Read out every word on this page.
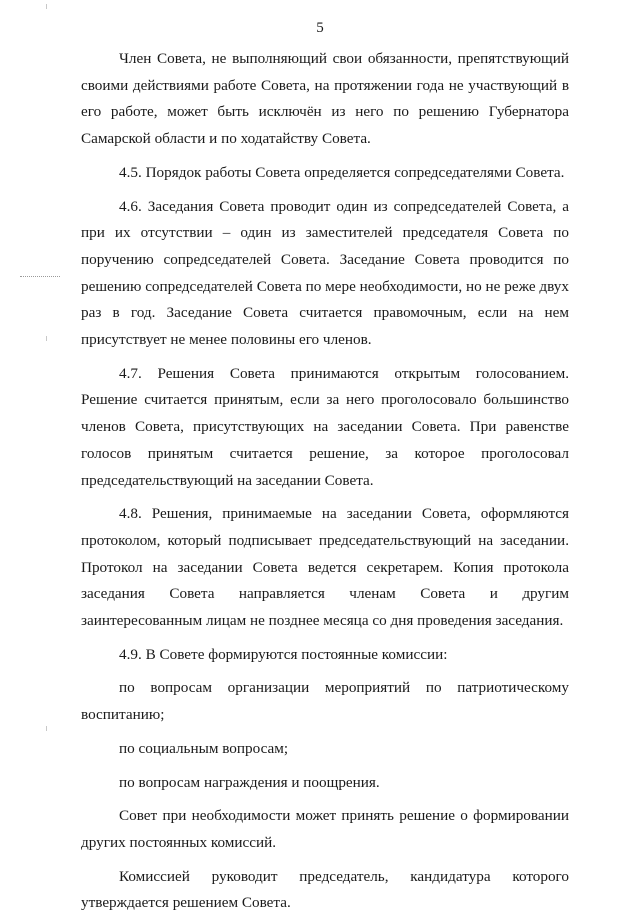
5

Член Совета, не выполняющий свои обязанности, препятствующий своими действиями работе Совета, на протяжении года не участвующий в его работе, может быть исключён из него по решению Губернатора Самарской области и по ходатайству Совета.

4.5. Порядок работы Совета определяется сопредседателями Совета.

4.6. Заседания Совета проводит один из сопредседателей Совета, а при их отсутствии – один из заместителей председателя Совета по поручению сопредседателей Совета. Заседание Совета проводится по решению сопредседателей Совета по мере необходимости, но не реже двух раз в год. Заседание Совета считается правомочным, если на нем присутствует не менее половины его членов.

4.7. Решения Совета принимаются открытым голосованием. Решение считается принятым, если за него проголосовало большинство членов Совета, присутствующих на заседании Совета. При равенстве голосов принятым считается решение, за которое проголосовал председательствующий на заседании Совета.

4.8. Решения, принимаемые на заседании Совета, оформляются протоколом, который подписывает председательствующий на заседании. Протокол на заседании Совета ведется секретарем. Копия протокола заседания Совета направляется членам Совета и другим заинтересованным лицам не позднее месяца со дня проведения заседания.

4.9. В Совете формируются постоянные комиссии:

по вопросам организации мероприятий по патриотическому воспитанию;

по социальным вопросам;

по вопросам награждения и поощрения.

Совет при необходимости может принять решение о формировании других постоянных комиссий.

Комиссией руководит председатель, кандидатура которого утверждается решением Совета.
